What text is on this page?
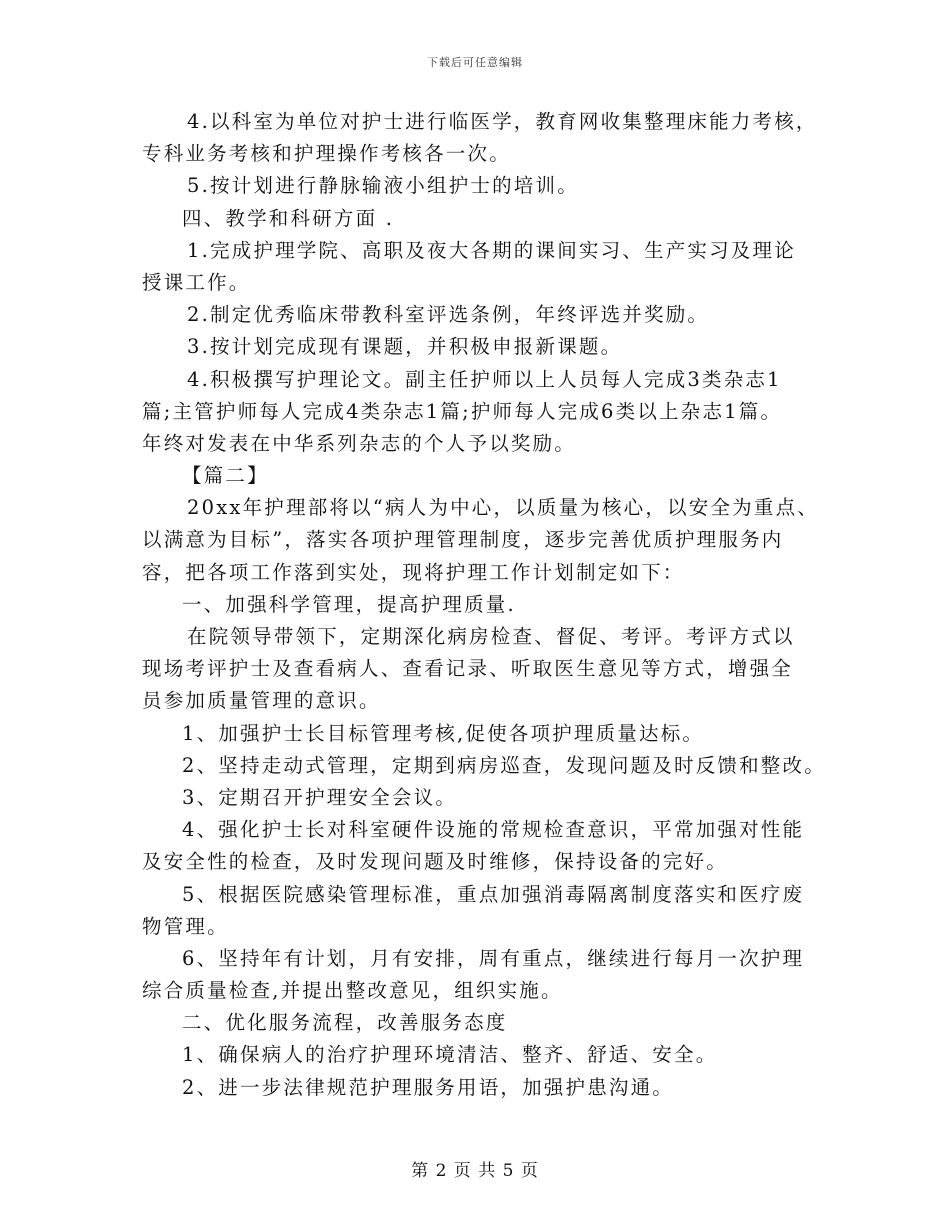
下载后可任意编辑
4.以科室为单位对护士进行临医学，教育网收集整理床能力考核，
专科业务考核和护理操作考核各一次。
5.按计划进行静脉输液小组护士的培训。
四、教学和科研方面 .
1.完成护理学院、高职及夜大各期的课间实习、生产实习及理论
授课工作。
2.制定优秀临床带教科室评选条例，年终评选并奖励。
3.按计划完成现有课题，并积极申报新课题。
4.积极撰写护理论文。副主任护师以上人员每人完成3类杂志1
篇;主管护师每人完成4类杂志1篇;护师每人完成6类以上杂志1篇。
年终对发表在中华系列杂志的个人予以奖励。
【篇二】
20xx年护理部将以“病人为中心，以质量为核心，以安全为重点、
以满意为目标”，落实各项护理管理制度，逐步完善优质护理服务内
容，把各项工作落到实处，现将护理工作计划制定如下：
一、加强科学管理，提高护理质量.
在院领导带领下，定期深化病房检查、督促、考评。考评方式以
现场考评护士及查看病人、查看记录、听取医生意见等方式，增强全
员参加质量管理的意识。
1、加强护士长目标管理考核,促使各项护理质量达标。
2、坚持走动式管理，定期到病房巡查，发现问题及时反馈和整改。
3、定期召开护理安全会议。
4、强化护士长对科室硬件设施的常规检查意识，平常加强对性能
及安全性的检查，及时发现问题及时维修，保持设备的完好。
5、根据医院感染管理标准，重点加强消毒隔离制度落实和医疗废
物管理。
6、坚持年有计划，月有安排，周有重点，继续进行每月一次护理
综合质量检查,并提出整改意见，组织实施。
二、优化服务流程，改善服务态度
1、确保病人的治疗护理环境清洁、整齐、舒适、安全。
2、进一步法律规范护理服务用语，加强护患沟通。
第 2 页 共 5 页
